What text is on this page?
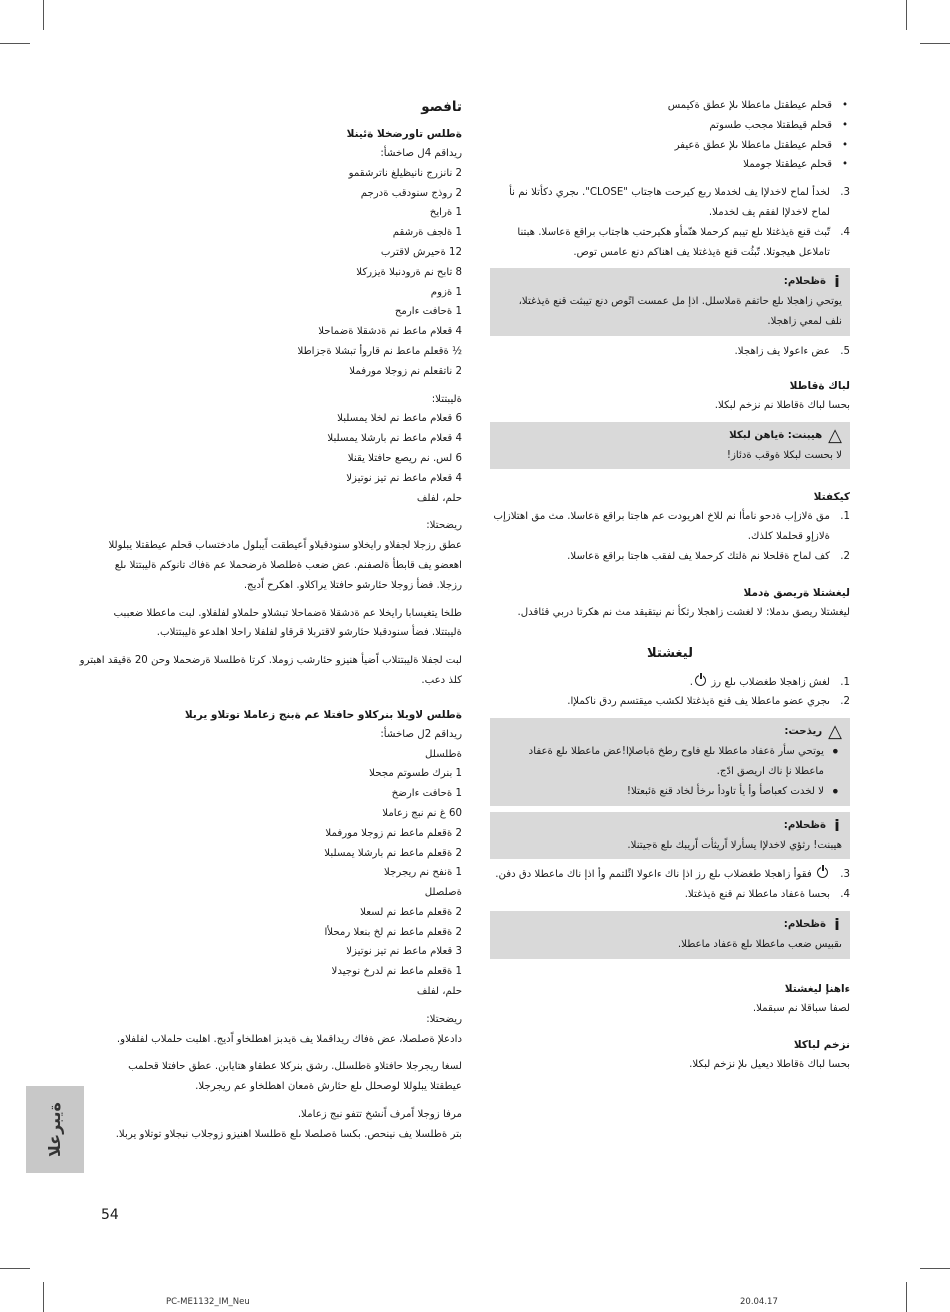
• قحلم عيطقتل ماعطلا ىلإ عطق ةكيمس
• قحلم قيطقتلا مجحب طسوتم
• قحلم عيطقتل ماعطلا ىلإ عطق ةعيفر
• قحلم عيطقتلا جومملا
3.
لخدأ لماح لاخدلإا يف لخدملا ربع كيرحت هاجتاب "CLOSE". ىجري دكأتلا نم نأ
لماح لاخدلإا لفقم يف لخدملا.
4.
تّبث قنع ةيذغتلا ىلع تيبم كرحملا هنّمأو هكيرحتب هاجتاب براقع ةعاسلا. هبتنا
تاملاعل هيجوتلا. تّبثُت قنع ةيذغتلا يف اهناكم دنع عامس توص.
i
ةظحلام:
يوتحي زاهجلا ىلع حاتفم ةملاسلل. اذإ مل عمست اتًوص دنع تيبثت قنع ةيذغتلا،
نلف لمعي زاهجلا.
5.
عض ءاعولا يف زاهجلا.
لباك ةقاطلا
بحسا لباك ةقاطلا نم نزخم لبكلا.
△
هيبنت: ةياهن لبكلا
لا بحست لبكلا ةوقب ةدئاز!
كيكفتلا
1.
مق ةلازإب ةدحو نامأا نم للاخ اهريودت عم هاجتا براقع ةعاسلا. مث مق اهتلازإب
ةلازإو قحلملا كلذك.
2.
كف لماح ةقلحلا نم ةلتك كرحملا يف لفقب هاجتا براقع ةعاسلا.
ليغشتلا ةريصق ةدملا
ليغشتلا ريصق ىدملا: لا لغشت زاهجلا رثكأ نم نيتقيقد مث نم هكرتا دربي قئاقدل.
ليغشتلا
1.
لغش زاهجلا طغضلاب ىلع رز .
2.
ىجري عضو ماعطلا يف قنع ةيذغتلا لكشب ميقتسم ردق ناكملإا.
△
ريذحت:
• يوتحي سأر ةعفاد ماعطلا ىلع فاوح رطخ ةباصلإا!عض ماعطلا ىلع ةعفاد
ماعطلا نإ ناك اريصق ادًج.
• لا لخدت كعباصأ وأ يأ تاودأ ىرخأ لخاد قنع ةئبعتلا!
i
ةظحلام:
هيبنت! رثؤي لاخدلإا يسأرلا اًريثأت اًريبك ىلع ةجيتنلا.
3.
فقوأ زاهجلا طغضلاب ىلع رز اذإ ناك ءاعولا ائًلتمم وأ اذإ ناك ماعطلا دق دفن.
4.
بحسا ةعفاد ماعطلا نم قنع ةيذغتلا.
i
ةظحلام:
ىقبيس ضعب ماعطلا ىلع ةعفاد ماعطلا.
ءاهنإ ليغشتلا
لصفا سباقلا نم سبقملا.
نزخم لباكلا
بحسا لباك ةقاطلا ديعيل ىلإ نزخم لبكلا.
تافصو
ةطلس تاورضخلا ةئينلا
ريداقم 4ل صاخشأ:
2 نانزرج نانيظيلغ ناترشقمو
2 روذج سنودقب ةدرجم
1 ةرايخ
1 ةلجف ةرشقم
12 ةحيرش لاقترب
8 تابح نم ةرودنبلا ةيزركلا
1 ةزوم
1 ةحافت ءارمح
4 قعلام ماعط نم ةدشقلا ةضماحلا
½ ةقعلم ماعط نم قاروأ تبشلا ةجزاطلا
2 ناتقعلم نم زوجلا مورفملا
ةليبتتلا:
6 قعلام ماعط نم لخلا يمسلبلا
4 قعلام ماعط نم بارشلا يمسلبلا
6 لس. نم ريصع حافتلا يقنلا
4 قعلام ماعط نم تيز نوتيزلا
حلم، لفلف
ريضحتلا:
عطق رزجلا لجفلاو رايخلاو سنودقبلاو اًعيطقت اًيبلول مادختساب قحلم عيطقتلا يبلوللا
اهعضو يف قابطأ ةلصفنم. عض ضعب ةطلصلا ةرضحملا عم ةفاك تانوكم ةليبتتلا ىلع
رزجلا. فضأ زوجلا حئارشو حافتلا يراكلاو. اهكرح اًديج.
طلخا يتغيسابا رايخلا عم ةدشقلا ةضماحلا تبشلاو حلملاو لفلفلاو. لبت ماعطلا ضعببب
ةليبتتلا. فضأ سنودقبلا حئارشو لاقتربلا قرقاو لفلفلا راحلا اهلدعو ةليبتتلاب.
لبت لجفلا ةليبتتلاب اًضيأ هنيزو حئارشب زوملا. كرتا ةطلسلا ةرضحملا وحن 20 ةقيقد اهبترو
كلذ دعب.
ةطلس لاوبلا بنركلاو حافتلا عم ةبنج زعاملا توتلاو يربلا
ريداقم 2ل صاخشأ:
ةطلسلل
1 بنرك طسوتم مجحلا
1 ةحافت ءارضخ
60 غ نم نبج زعاملا
2 ةقعلم ماعط نم زوجلا مورفملا
2 ةقعلم ماعط نم بارشلا يمسلبلا
1 ةنفح نم ريجرجلا
ةصلصلل
2 ةقعلم ماعط نم لسعلا
2 ةقعلم ماعط نم لخ بنعلا رمحلأا
3 قعلام ماعط نم تيز نوتيزلا
1 ةقعلم ماعط نم لدرخ نوجيدلا
حلم، لفلف
ريضحتلا:
دادعلإ ةصلصلا، عض ةفاك ريداقملا يف ةيدبز اهطلخاو اًديج. اهلبت حلملاب لفلفلاو.
لسغا ريجرجلا حافتلاو ةطلسلل. رشق بنركلا عطقاو هتايابن. عطق حافتلا قحلمب
عيطقتلا يبلوللا لوصحلل ىلع حئارش ةمعان اهطلخاو عم ريجرجلا.
مرفا زوجلا اًمرف اًنشخ تتفو نبج زعاملا.
بتر ةطلسلا يف نينحص. بكسا ةصلصلا ىلع ةطلسلا اهنيزو زوجلاب نبجلاو توتلاو يربلا.
ةيبرعلا
54
PC-ME1132_IM_Neu	20.04.17
